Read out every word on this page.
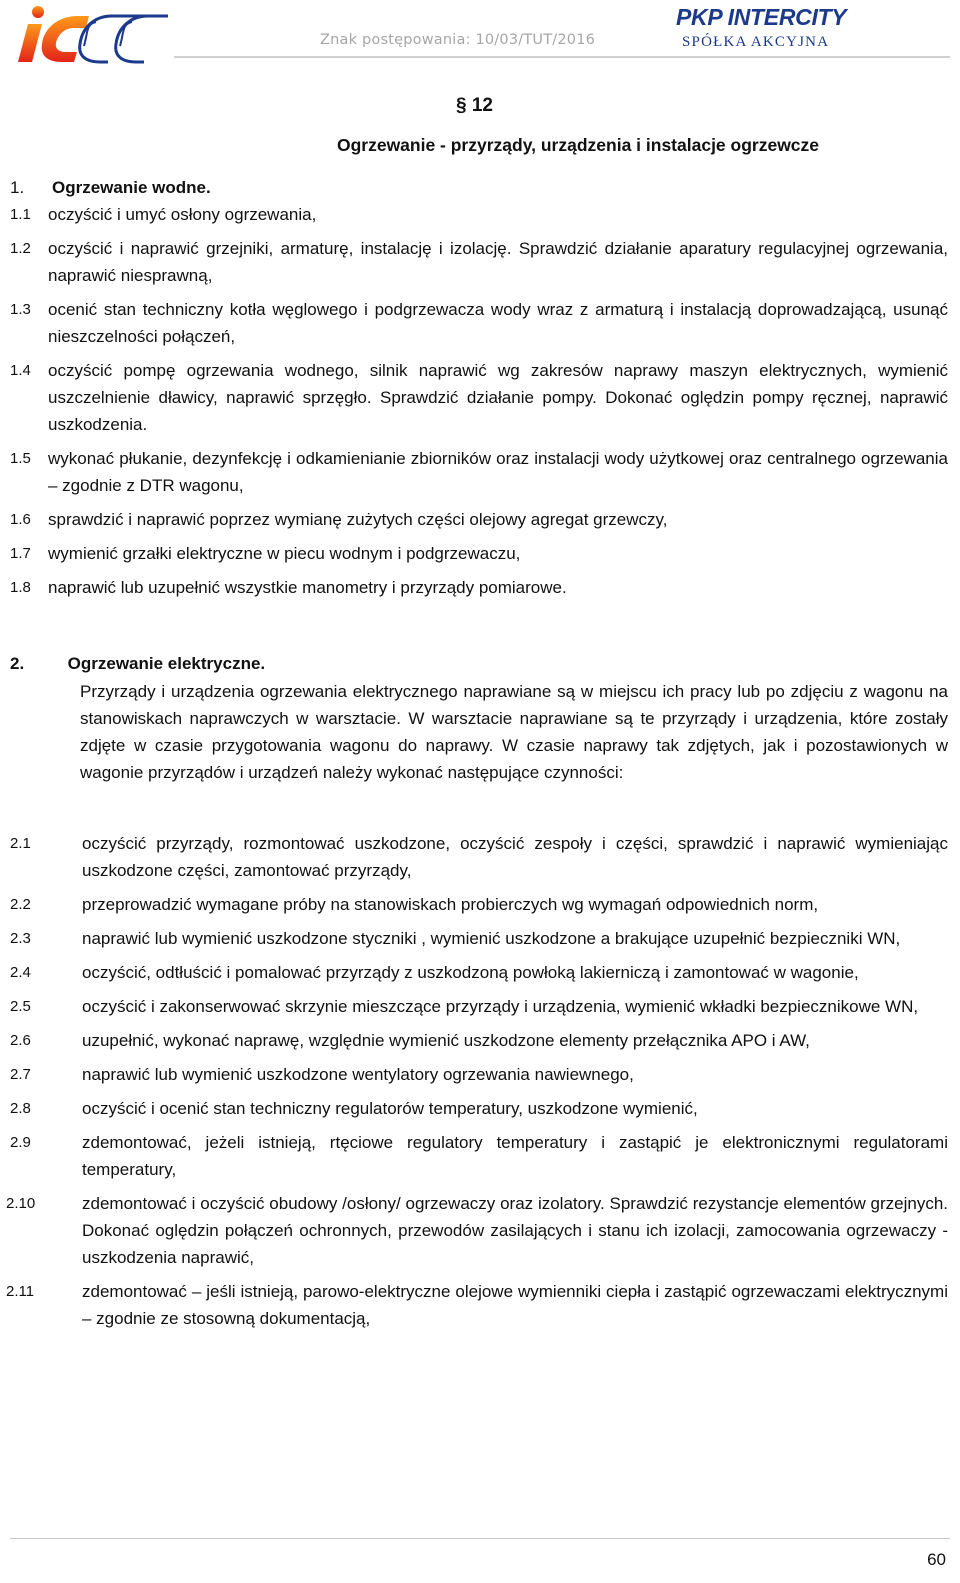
Znak postępowania: 10/03/TUT/2016
PKP INTERCITY
SPÓŁKA AKCYJNA
§ 12
Ogrzewanie - przyrządy, urządzenia i instalacje ogrzewcze
1. Ogrzewanie wodne.
1.1 oczyścić i umyć osłony ogrzewania,
1.2 oczyścić i naprawić grzejniki, armaturę, instalację i izolację. Sprawdzić działanie aparatury regulacyjnej ogrzewania, naprawić niesprawną,
1.3 ocenić stan techniczny kotła węglowego i podgrzewacza wody wraz z armaturą i instalacją doprowadzającą, usunąć nieszczelności połączeń,
1.4 oczyścić pompę ogrzewania wodnego, silnik naprawić wg zakresów naprawy maszyn elektrycznych, wymienić uszczelnienie dławicy, naprawić sprzęgło. Sprawdzić działanie pompy. Dokonać oględzin pompy ręcznej, naprawić uszkodzenia.
1.5 wykonać płukanie, dezynfekcję i odkamienianie zbiorników oraz instalacji wody użytkowej oraz centralnego ogrzewania – zgodnie z DTR wagonu,
1.6 sprawdzić i naprawić poprzez wymianę zużytych części olejowy agregat grzewczy,
1.7 wymienić grzałki elektryczne w piecu wodnym i podgrzewaczu,
1.8 naprawić lub uzupełnić wszystkie manometry i przyrządy pomiarowe.
2.	Ogrzewanie elektryczne.
Przyrządy i urządzenia ogrzewania elektrycznego naprawiane są w miejscu ich pracy lub po zdjęciu z wagonu na stanowiskach naprawczych w warsztacie. W warsztacie naprawiane są te przyrządy i urządzenia, które zostały zdjęte w czasie przygotowania wagonu do naprawy. W czasie naprawy tak zdjętych, jak i pozostawionych w wagonie przyrządów i urządzeń należy wykonać następujące czynności:
2.1	oczyścić przyrządy, rozmontować uszkodzone, oczyścić zespoły i części, sprawdzić i naprawić wymieniając uszkodzone części, zamontować przyrządy,
2.2	przeprowadzić wymagane próby na stanowiskach probierczych wg wymagań odpowiednich norm,
2.3	naprawić lub wymienić uszkodzone styczniki , wymienić uszkodzone a brakujące uzupełnić bezpieczniki WN,
2.4	oczyścić, odtłuścić i pomalować przyrządy z uszkodzoną powłoką lakierniczą i zamontować w wagonie,
2.5	oczyścić i zakonserwować skrzynie mieszczące przyrządy i urządzenia, wymienić wkładki bezpiecznikowe WN,
2.6	uzupełnić, wykonać naprawę, względnie wymienić uszkodzone elementy przełącznika APO i AW,
2.7	naprawić lub wymienić uszkodzone wentylatory ogrzewania nawiewnego,
2.8	oczyścić i ocenić stan techniczny regulatorów temperatury, uszkodzone wymienić,
2.9	zdemontować, jeżeli istnieją, rtęciowe regulatory temperatury i zastąpić je elektronicznymi regulatorami temperatury,
2.10	zdemontować i oczyścić obudowy /osłony/ ogrzewaczy oraz izolatory. Sprawdzić rezystancje elementów grzejnych. Dokonać oględzin połączeń ochronnych, przewodów zasilających i stanu ich izolacji, zamocowania ogrzewaczy - uszkodzenia naprawić,
2.11	zdemontować – jeśli istnieją, parowo-elektryczne olejowe wymienniki ciepła i zastąpić ogrzewaczami elektrycznymi – zgodnie ze stosowną dokumentacją,
60
